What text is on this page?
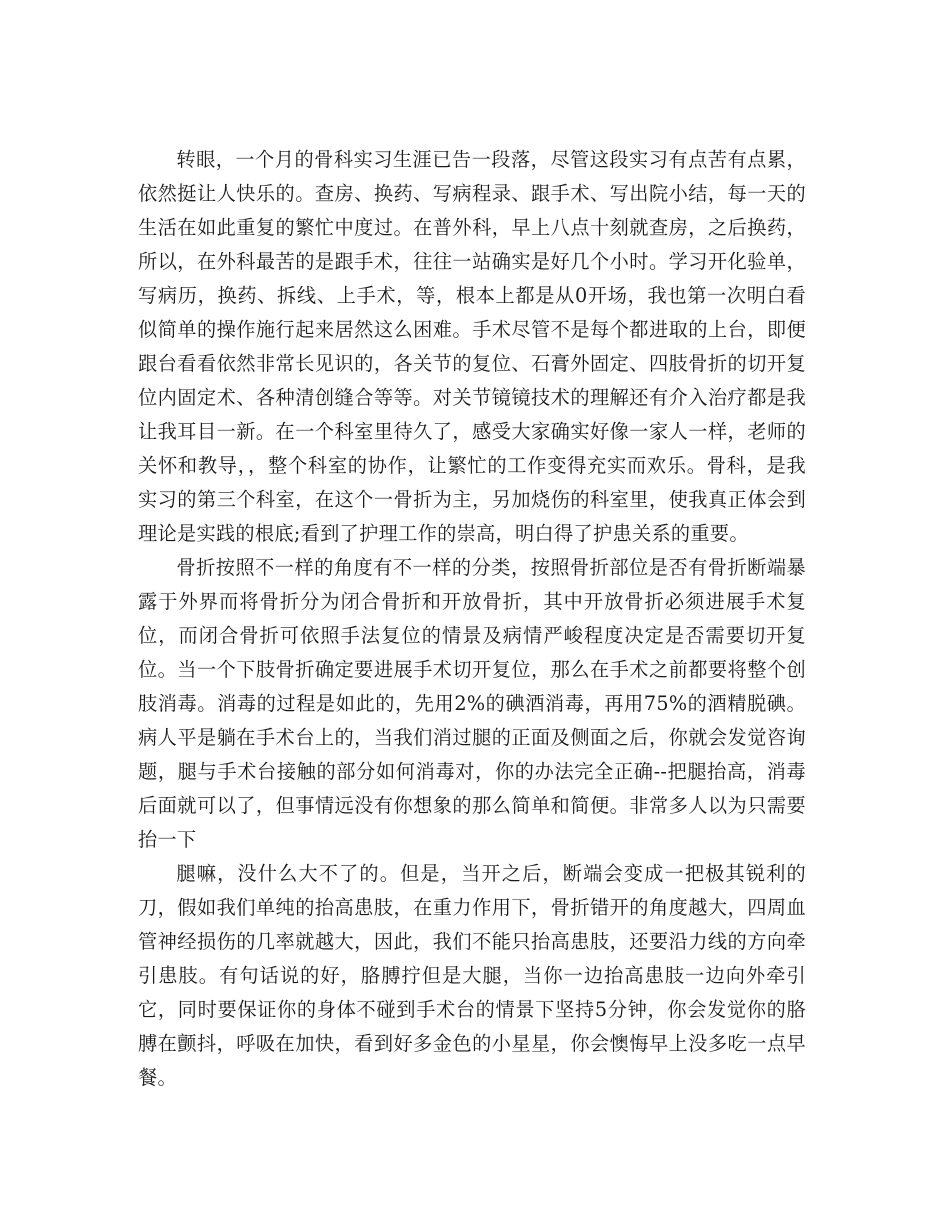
转眼，一个月的骨科实习生涯已告一段落，尽管这段实习有点苦有点累，依然挺让人快乐的。查房、换药、写病程录、跟手术、写出院小结，每一天的生活在如此重复的繁忙中度过。在普外科，早上八点十刻就查房，之后换药，所以，在外科最苦的是跟手术，往往一站确实是好几个小时。学习开化验单，写病历，换药、拆线、上手术，等，根本上都是从0开场，我也第一次明白看似简单的操作施行起来居然这么困难。手术尽管不是每个都进取的上台，即便跟台看看依然非常长见识的，各关节的复位、石膏外固定、四肢骨折的切开复位内固定术、各种清创缝合等等。对关节镜镜技术的理解还有介入治疗都是我让我耳目一新。在一个科室里待久了，感受大家确实好像一家人一样，老师的关怀和教导，，整个科室的协作，让繁忙的工作变得充实而欢乐。骨科，是我实习的第三个科室，在这个一骨折为主，另加烧伤的科室里，使我真正体会到理论是实践的根底;看到了护理工作的崇高，明白得了护患关系的重要。

骨折按照不一样的角度有不一样的分类，按照骨折部位是否有骨折断端暴露于外界而将骨折分为闭合骨折和开放骨折，其中开放骨折必须进展手术复位，而闭合骨折可依照手法复位的情景及病情严峻程度决定是否需要切开复位。当一个下肢骨折确定要进展手术切开复位，那么在手术之前都要将整个创肢消毒。消毒的过程是如此的，先用2%的碘酒消毒，再用75%的酒精脱碘。病人平是躺在手术台上的，当我们消过腿的正面及侧面之后，你就会发觉咨询题，腿与手术台接触的部分如何消毒对，你的办法完全正确--把腿抬高，消毒后面就可以了，但事情远没有你想象的那么简单和简便。非常多人以为只需要抬一下

腿嘛，没什么大不了的。但是，当开之后，断端会变成一把极其锐利的刀，假如我们单纯的抬高患肢，在重力作用下，骨折错开的角度越大，四周血管神经损伤的几率就越大，因此，我们不能只抬高患肢，还要沿力线的方向牵引患肢。有句话说的好，胳膊拧但是大腿，当你一边抬高患肢一边向外牵引它，同时要保证你的身体不碰到手术台的情景下坚持5分钟，你会发觉你的胳膊在颤抖，呼吸在加快，看到好多金色的小星星，你会懊悔早上没多吃一点早餐。
